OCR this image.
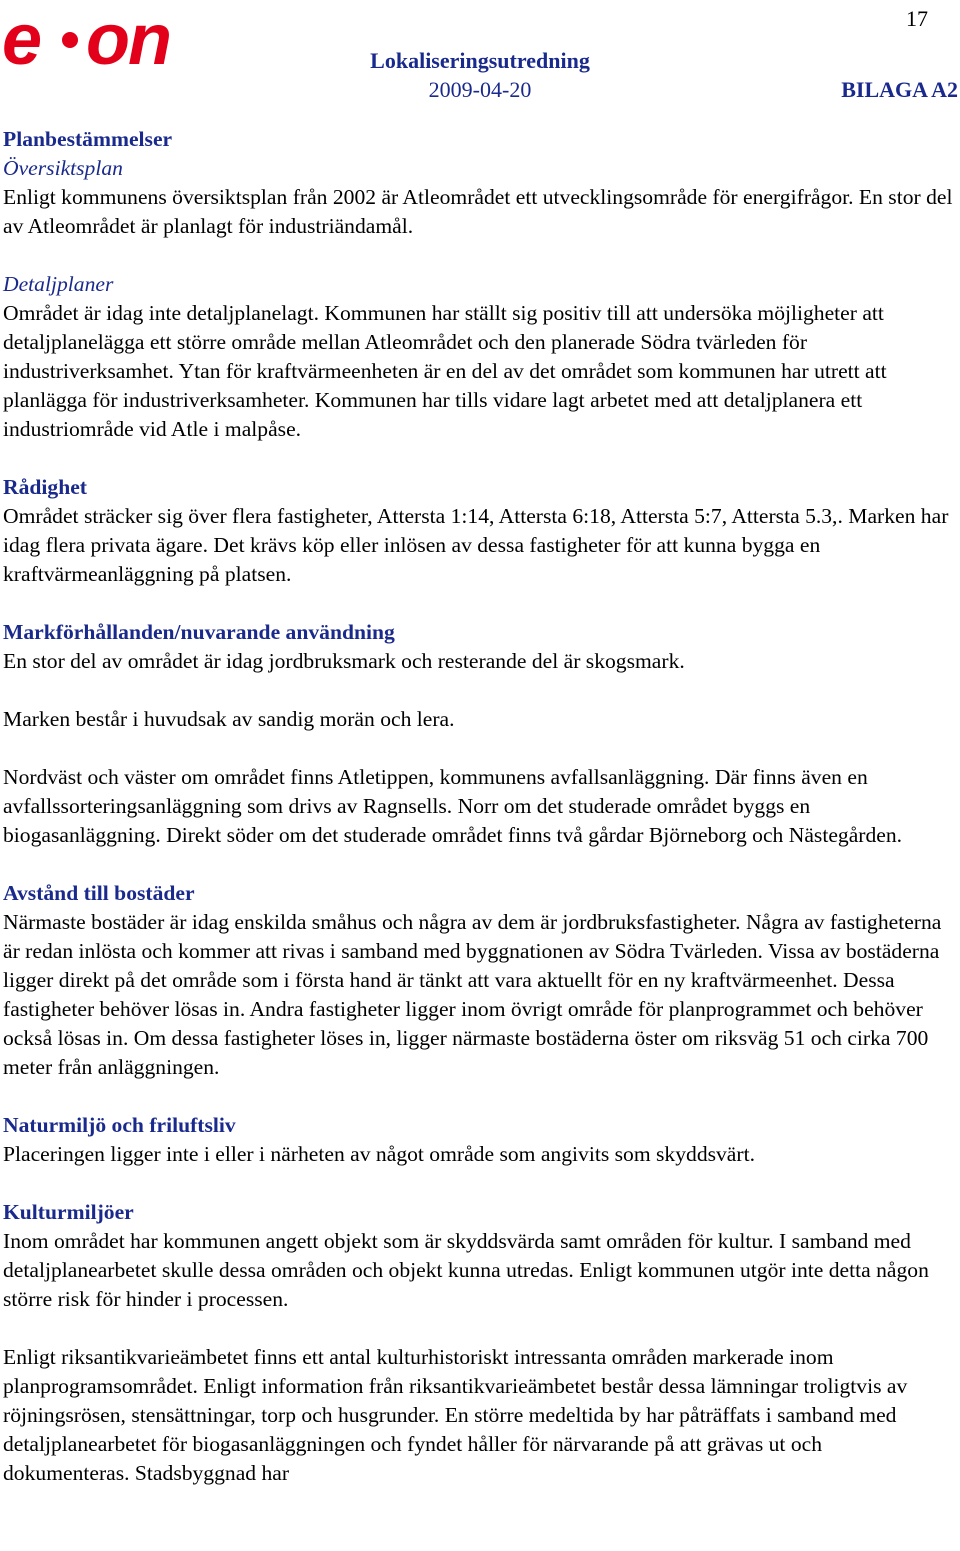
17
e on	Lokaliseringsutredning
2009-04-20	BILAGA A2

Planbestämmelser

Översiktsplan

Enligt kommunens översiktsplan från 2002 är Atleområdet ett utvecklingsområde för energifrågor. En stor del av Atleområdet är planlagt för industriändamål.

Detaljplaner

Området är idag inte detaljplanelagt. Kommunen har ställt sig positiv till att undersöka möjligheter att detaljplanelägga ett större område mellan Atleområdet och den planerade Södra tvärleden för industriverksamhet. Ytan för kraftvärmeenheten är en del av det området som kommunen har utrett att planlägga för industriverksamheter. Kommunen har tills vidare lagt arbetet med att detaljplanera ett industriområde vid Atle i malpåse.

Rådighet

Området sträcker sig över flera fastigheter, Attersta 1:14, Attersta 6:18, Attersta 5:7, Attersta 5.3,. Marken har idag flera privata ägare. Det krävs köp eller inlösen av dessa fastigheter för att kunna bygga en kraftvärmeanläggning på platsen.

Markförhållanden/nuvarande användning

En stor del av området är idag jordbruksmark och resterande del är skogsmark.

Marken består i huvudsak av sandig morän och lera.

Nordväst och väster om området finns Atletippen, kommunens avfallsanläggning. Där finns även en avfallssorteringsanläggning som drivs av Ragnsells. Norr om det studerade området byggs en biogasanläggning. Direkt söder om det studerade området finns två gårdar Björneborg och Nästegården.

Avstånd till bostäder

Närmaste bostäder är idag enskilda småhus och några av dem är jordbruksfastigheter. Några av fastigheterna är redan inlösta och kommer att rivas i samband med byggnationen av Södra Tvärleden. Vissa av bostäderna ligger direkt på det område som i första hand är tänkt att vara aktuellt för en ny kraftvärmeenhet. Dessa fastigheter behöver lösas in. Andra fastigheter ligger inom övrigt område för planprogrammet och behöver också lösas in. Om dessa fastigheter löses in, ligger närmaste bostäderna öster om riksväg 51 och cirka 700 meter från anläggningen.

Naturmiljö och friluftsliv

Placeringen ligger inte i eller i närheten av något område som angivits som skyddsvärt.

Kulturmiljöer

Inom området har kommunen angett objekt som är skyddsvärda samt områden för kultur. I samband med detaljplanearbetet skulle dessa områden och objekt kunna utredas. Enligt kommunen utgör inte detta någon större risk för hinder i processen.

Enligt riksantikvarieämbetet finns ett antal kulturhistoriskt intressanta områden markerade inom planprogramsområdet. Enligt information från riksantikvarieämbetet består dessa lämningar troligtvis av röjningsrösen, stensättningar, torp och husgrunder. En större medeltida by har påträffats i samband med detaljplanearbetet för biogasanläggningen och fyndet håller för närvarande på att grävas ut och dokumenteras. Stadsbyggnad har
